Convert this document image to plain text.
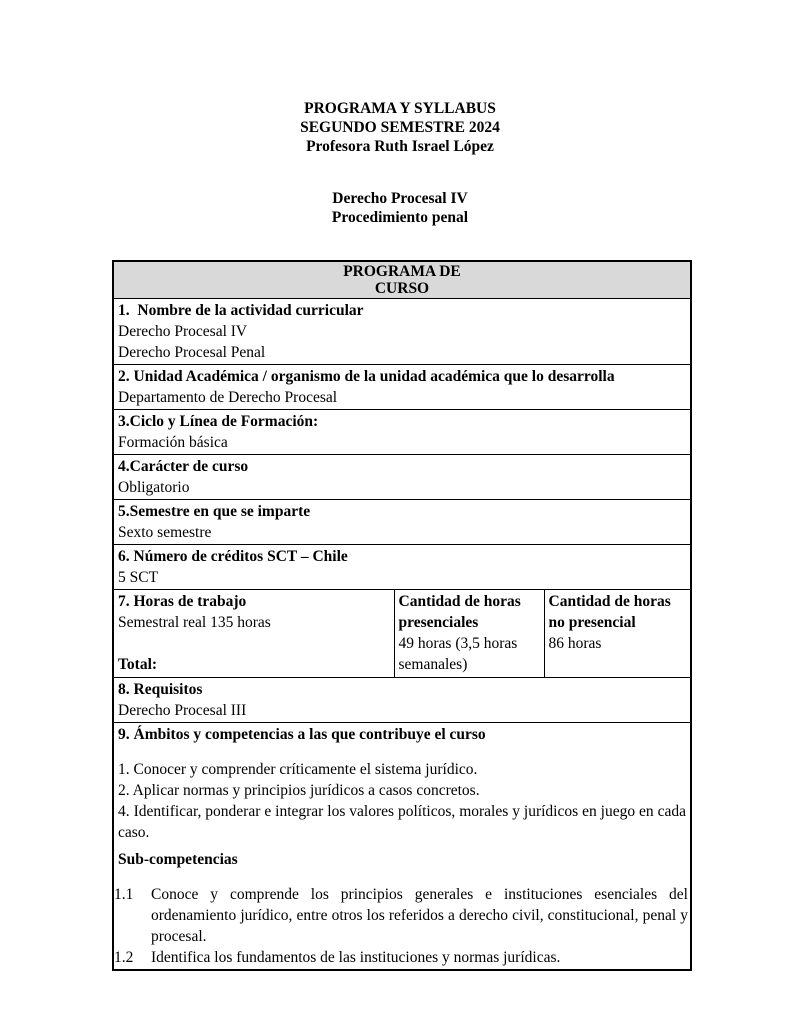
PROGRAMA Y SYLLABUS
SEGUNDO SEMESTRE 2024
Profesora Ruth Israel López
Derecho Procesal IV
Procedimiento penal
PROGRAMA DE
CURSO

1.  Nombre de la actividad curricular
Derecho Procesal IV
Derecho Procesal Penal

2. Unidad Académica / organismo de la unidad académica que lo desarrolla
Departamento de Derecho Procesal

3.Ciclo y Línea de Formación:
Formación básica

4.Carácter de curso
Obligatorio

5.Semestre en que se imparte
Sexto semestre

6. Número de créditos SCT – Chile
5 SCT

7. Horas de trabajo
Semestral real 135 horas
Total:

Cantidad de horas presenciales
49 horas (3,5 horas semanales)

Cantidad de horas no presencial
86 horas

8. Requisitos
Derecho Procesal III

9. Ámbitos y competencias a las que contribuye el curso
1. Conocer y comprender críticamente el sistema jurídico.
2. Aplicar normas y principios jurídicos a casos concretos.
4. Identificar, ponderar e integrar los valores políticos, morales y jurídicos en juego en cada caso.
Sub-competencias
1.1	Conoce y comprende los principios generales e instituciones esenciales del ordenamiento jurídico, entre otros los referidos a derecho civil, constitucional, penal y procesal.
1.2	Identifica los fundamentos de las instituciones y normas jurídicas.
